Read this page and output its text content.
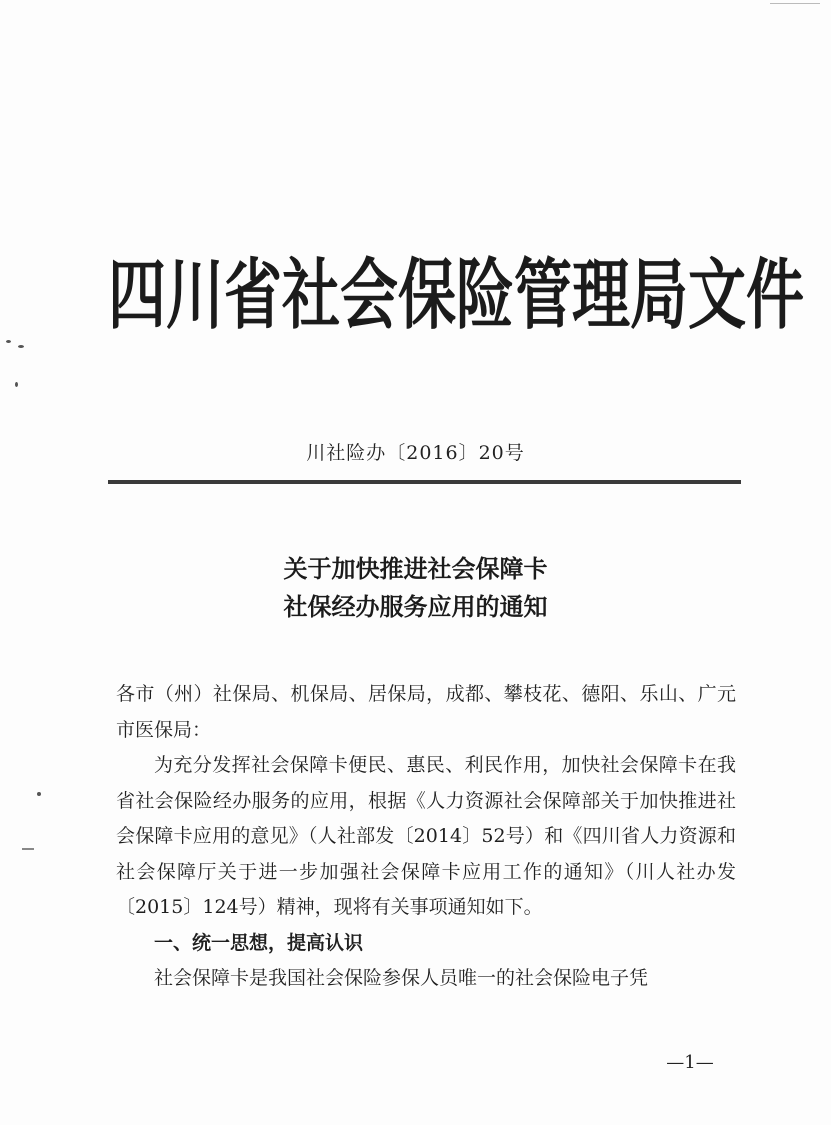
四川省社会保险管理局文件
川社险办〔2016〕20号
关于加快推进社会保障卡
社保经办服务应用的通知

各市（州）社保局、机保局、居保局，成都、攀枝花、德阳、乐山、广元市医保局：

为充分发挥社会保障卡便民、惠民、利民作用，加快社会保障卡在我省社会保险经办服务的应用，根据《人力资源社会保障部关于加快推进社会保障卡应用的意见》（人社部发〔2014〕52号）和《四川省人力资源和社会保障厅关于进一步加强社会保障卡应用工作的通知》（川人社办发〔2015〕124号）精神，现将有关事项通知如下。

一、统一思想，提高认识

社会保障卡是我国社会保险参保人员唯一的社会保险电子凭

—1—
